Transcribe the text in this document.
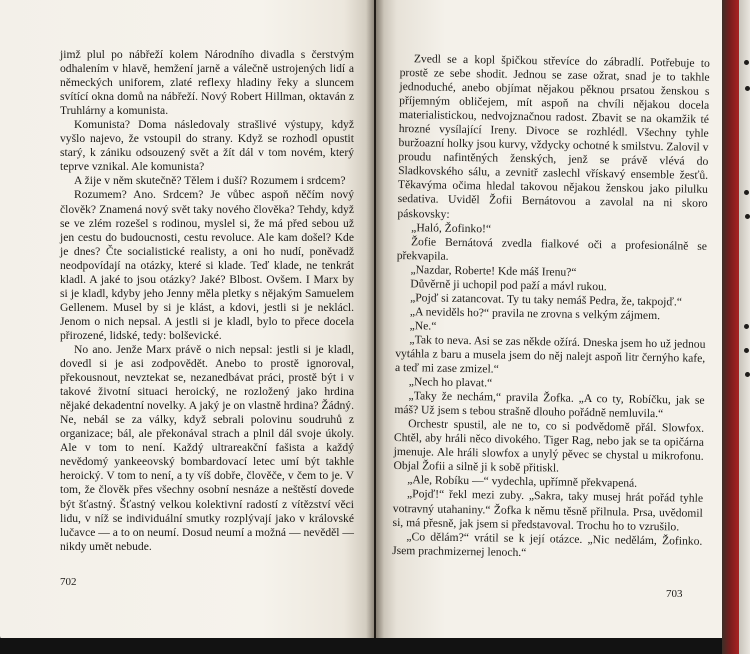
jimž plul po nábřeží kolem Národního divadla s čerstvým odhalením v hlavě, hemžení jarně a válečně ustrojených lidí a německých uniforem, zlaté reflexy hladiny řeky a sluncem svítící okna domů na nábřeží. Nový Robert Hillman, oktaván z Truhlárny a komunista.

Komunista? Doma následovaly strašlivé výstupy, když vyšlo najevo, že vstoupil do strany. Když se rozhodl opustit starý, k zániku odsouzený svět a žít dál v tom novém, který teprve vznikal. Ale komunista?

A žije v něm skutečně? Tělem i duší? Rozumem i srdcem?

Rozumem? Ano. Srdcem? Je vůbec aspoň něčím nový člověk? Znamená nový svět taky nového člověka? Tehdy, když se ve zlém rozešel s rodinou, myslel si, že má před sebou už jen cestu do budoucnosti, cestu revoluce. Ale kam došel? Kde je dnes? Čte socialistické realisty, a oni ho nudí, poněvadž neodpovídají na otázky, které si klade. Teď klade, ne tenkrát kladl. A jaké to jsou otázky? Jaké? Blbost. Ovšem. I Marx by si je kladl, kdyby jeho Jenny měla pletky s nějakým Samuelem Gellenem. Musel by si je klást, a kdovi, jestli si je neklácl. Jenom o nich nepsal. A jestli si je kladl, bylo to přece docela přirozené, lidské, tedy: bolševické.

No ano. Jenže Marx právě o nich nepsal: jestli si je kladl, dovedl si je asi zodpovědět. Anebo to prostě ignoroval, překousnout, nevztekat se, nezanedbávat práci, prostě být i v takové životní situaci heroický, ne rozložený jako hrdina nějaké dekadentní novelky. A jaký je on vlastně hrdina? Žádný. Ne, nebál se za války, když sebrali polovinu soudruhů z organizace; bál, ale překonával strach a plnil dál svoje úkoly. Ale v tom to není. Každý ultrareakční fašista a každý nevědomý yankeeovský bombardovací letec umí být takhle heroický. V tom to není, a ty víš dobře, člověče, v čem to je. V tom, že člověk přes všechny osobní nesnáze a neštěstí dovede být šťastný. Šťastný velkou kolektivní radostí z vítězství věci lidu, v níž se individuální smutky rozplývají jako v královské lučavce — a to on neumí. Dosud neumí a možná — nevěděl — nikdy umět nebude.

702

Zvedl se a kopl špičkou střevíce do zábradlí. Potřebuje to prostě ze sebe shodit. Jednou se zase ožrat, snad je to takhle jednoduché, anebo objímat nějakou pěknou prsatou ženskou s příjemným obličejem, mít aspoň na chvíli nějakou docela materialistickou, nedvojznačnou radost. Zbavit se na okamžik té hrozné vysílající Ireny. Divoce se rozhlédl. Všechny tyhle buržoazní holky jsou kurvy, vždycky ochotné k smilstvu. Zalovil v proudu nafintěných ženských, jenž se právě vlévá do Sladkovského sálu, a zevnitř zaslechl vřískavý ensemble žesťů. Těkavýma očima hledal takovou nějakou ženskou jako pilulku sedativa. Uviděl Žofii Bernátovou a zavolal na ni skoro páskovsky:

„Haló, Žofinko!“

Žofie Bernátová zvedla fialkové oči a profesionálně se překvapila.

„Nazdar, Roberte! Kde máš Irenu?“

Důvěrně ji uchopil pod paží a mávl rukou.

„Pojď si zatancovat. Ty tu taky nemáš Pedra, že, takpojď.“

„A neviděls ho?“ pravila ne zrovna s velkým zájmem.

„Ne.“

„Tak to neva. Asi se zas někde ožírá. Dneska jsem ho už jednou vytáhla z baru a musela jsem do něj nalejt aspoň litr černýho kafe, a teď mi zase zmizel.“

„Nech ho plavat.“

„Taky že nechám,“ pravila Žofka. „A co ty, Robíčku, jak se máš? Už jsem s tebou strašně dlouho pořádně nemluvila.“

Orchestr spustil, ale ne to, co si podvědomě přál. Slowfox. Chtěl, aby hráli něco divokého. Tiger Rag, nebo jak se ta opičárna jmenuje. Ale hráli slowfox a unylý pěvec se chystal u mikrofonu. Objal Žofii a silně ji k sobě přitiskl.

„Ale, Robíku —“ vydechla, upřímně překvapená.

„Pojď!“ řekl mezi zuby. „Sakra, taky musej hrát pořád tyhle votravný utahaniny.“ Žofka k němu těsně přilnula. Prsa, uvědomil si, má přesně, jak jsem si představoval. Trochu ho to vzrušilo.

„Co dělám?“ vrátil se k její otázce. „Nic nedělám, Žofinko. Jsem prachmizernej lenoch.“

703
